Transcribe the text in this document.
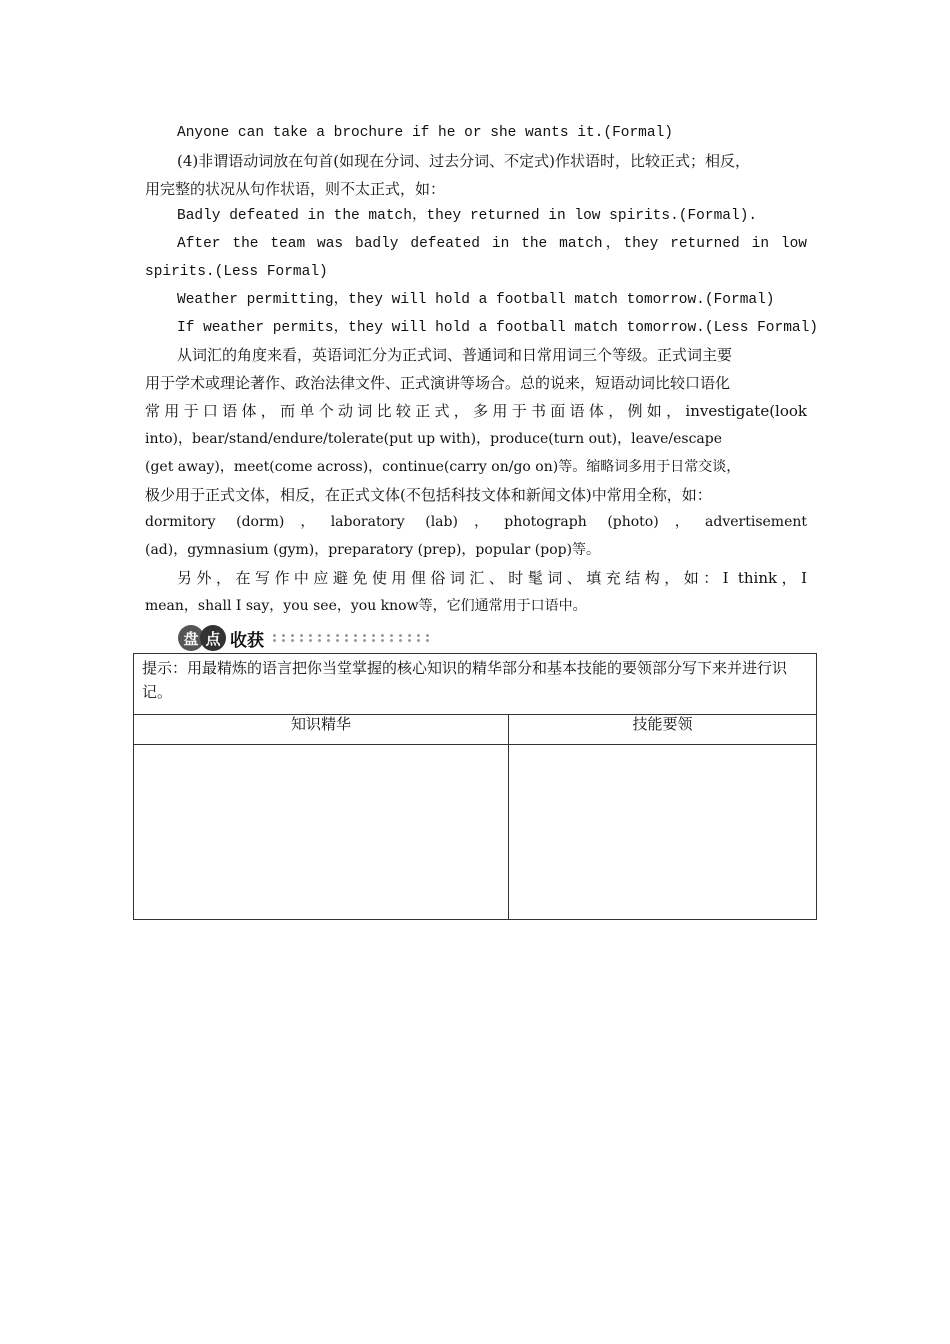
Anyone can take a brochure if he or she wants it.(Formal)
(4)非谓语动词放在句首(如现在分词、过去分词、不定式)作状语时，比较正式；相反，
用完整的状况从句作状语，则不太正式，如：
Badly defeated in the match，they returned in low spirits.(Formal).
After the team was badly defeated in the match，they returned in low
spirits.(Less Formal)
Weather permitting，they will hold a football match tomorrow.(Formal)
If weather permits，they will hold a football match tomorrow.(Less Formal)
从词汇的角度来看，英语词汇分为正式词、普通词和日常用词三个等级。正式词主要
用于学术或理论著作、政治法律文件、正式演讲等场合。总的说来，短语动词比较口语化
常用于口语体，而单个动词比较正式，多用于书面语体，例如，investigate(look
into)，bear/stand/endure/tolerate(put up with)，produce(turn out)，leave/escape
(get away)，meet(come across)，continue(carry on/go on)等。缩略词多用于日常交谈，
极少用于正式文体，相反，在正式文体(不包括科技文体和新闻文体)中常用全称，如：
dormitory (dorm)，laboratory (lab)，photograph (photo)，advertisement
(ad)，gymnasium (gym)，preparatory (prep)，popular (pop)等。
另外，在写作中应避免使用俚俗词汇、时髦词、填充结构，如：I think，I
mean，shall I say，you see，you know等，它们通常用于口语中。
盘 点 收获
提示：用最精炼的语言把你当堂掌握的核心知识的精华部分和基本技能的要领部分写下来并进行识记。	
知识精华	技能要领
